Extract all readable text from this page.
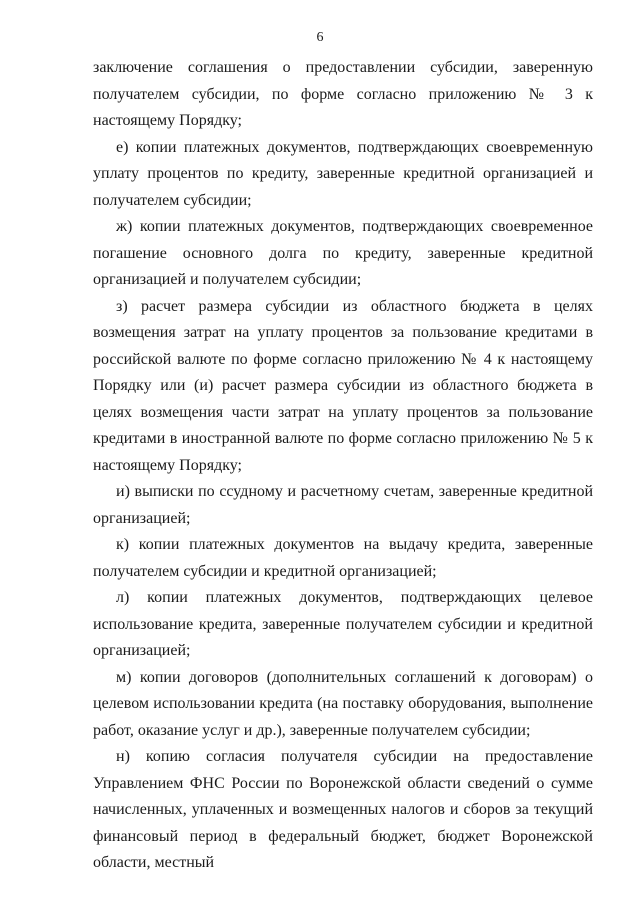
6

заключение соглашения о предоставлении субсидии, заверенную получателем субсидии, по форме согласно приложению № 3 к настоящему Порядку;

е) копии платежных документов, подтверждающих своевременную уплату процентов по кредиту, заверенные кредитной организацией и получателем субсидии;

ж) копии платежных документов, подтверждающих своевременное погашение основного долга по кредиту, заверенные кредитной организацией и получателем субсидии;

з) расчет размера субсидии из областного бюджета в целях возмещения затрат на уплату процентов за пользование кредитами в российской валюте по форме согласно приложению № 4 к настоящему Порядку или (и) расчет размера субсидии из областного бюджета в целях возмещения части затрат на уплату процентов за пользование кредитами в иностранной валюте по форме согласно приложению № 5 к настоящему Порядку;

и) выписки по ссудному и расчетному счетам, заверенные кредитной организацией;

к) копии платежных документов на выдачу кредита, заверенные получателем субсидии и кредитной организацией;

л) копии платежных документов, подтверждающих целевое использование кредита, заверенные получателем субсидии и кредитной организацией;

м) копии договоров (дополнительных соглашений к договорам) о целевом использовании кредита (на поставку оборудования, выполнение работ, оказание услуг и др.), заверенные получателем субсидии;

н) копию согласия получателя субсидии на предоставление Управлением ФНС России по Воронежской области сведений о сумме начисленных, уплаченных и возмещенных налогов и сборов за текущий финансовый период в федеральный бюджет, бюджет Воронежской области, местный
